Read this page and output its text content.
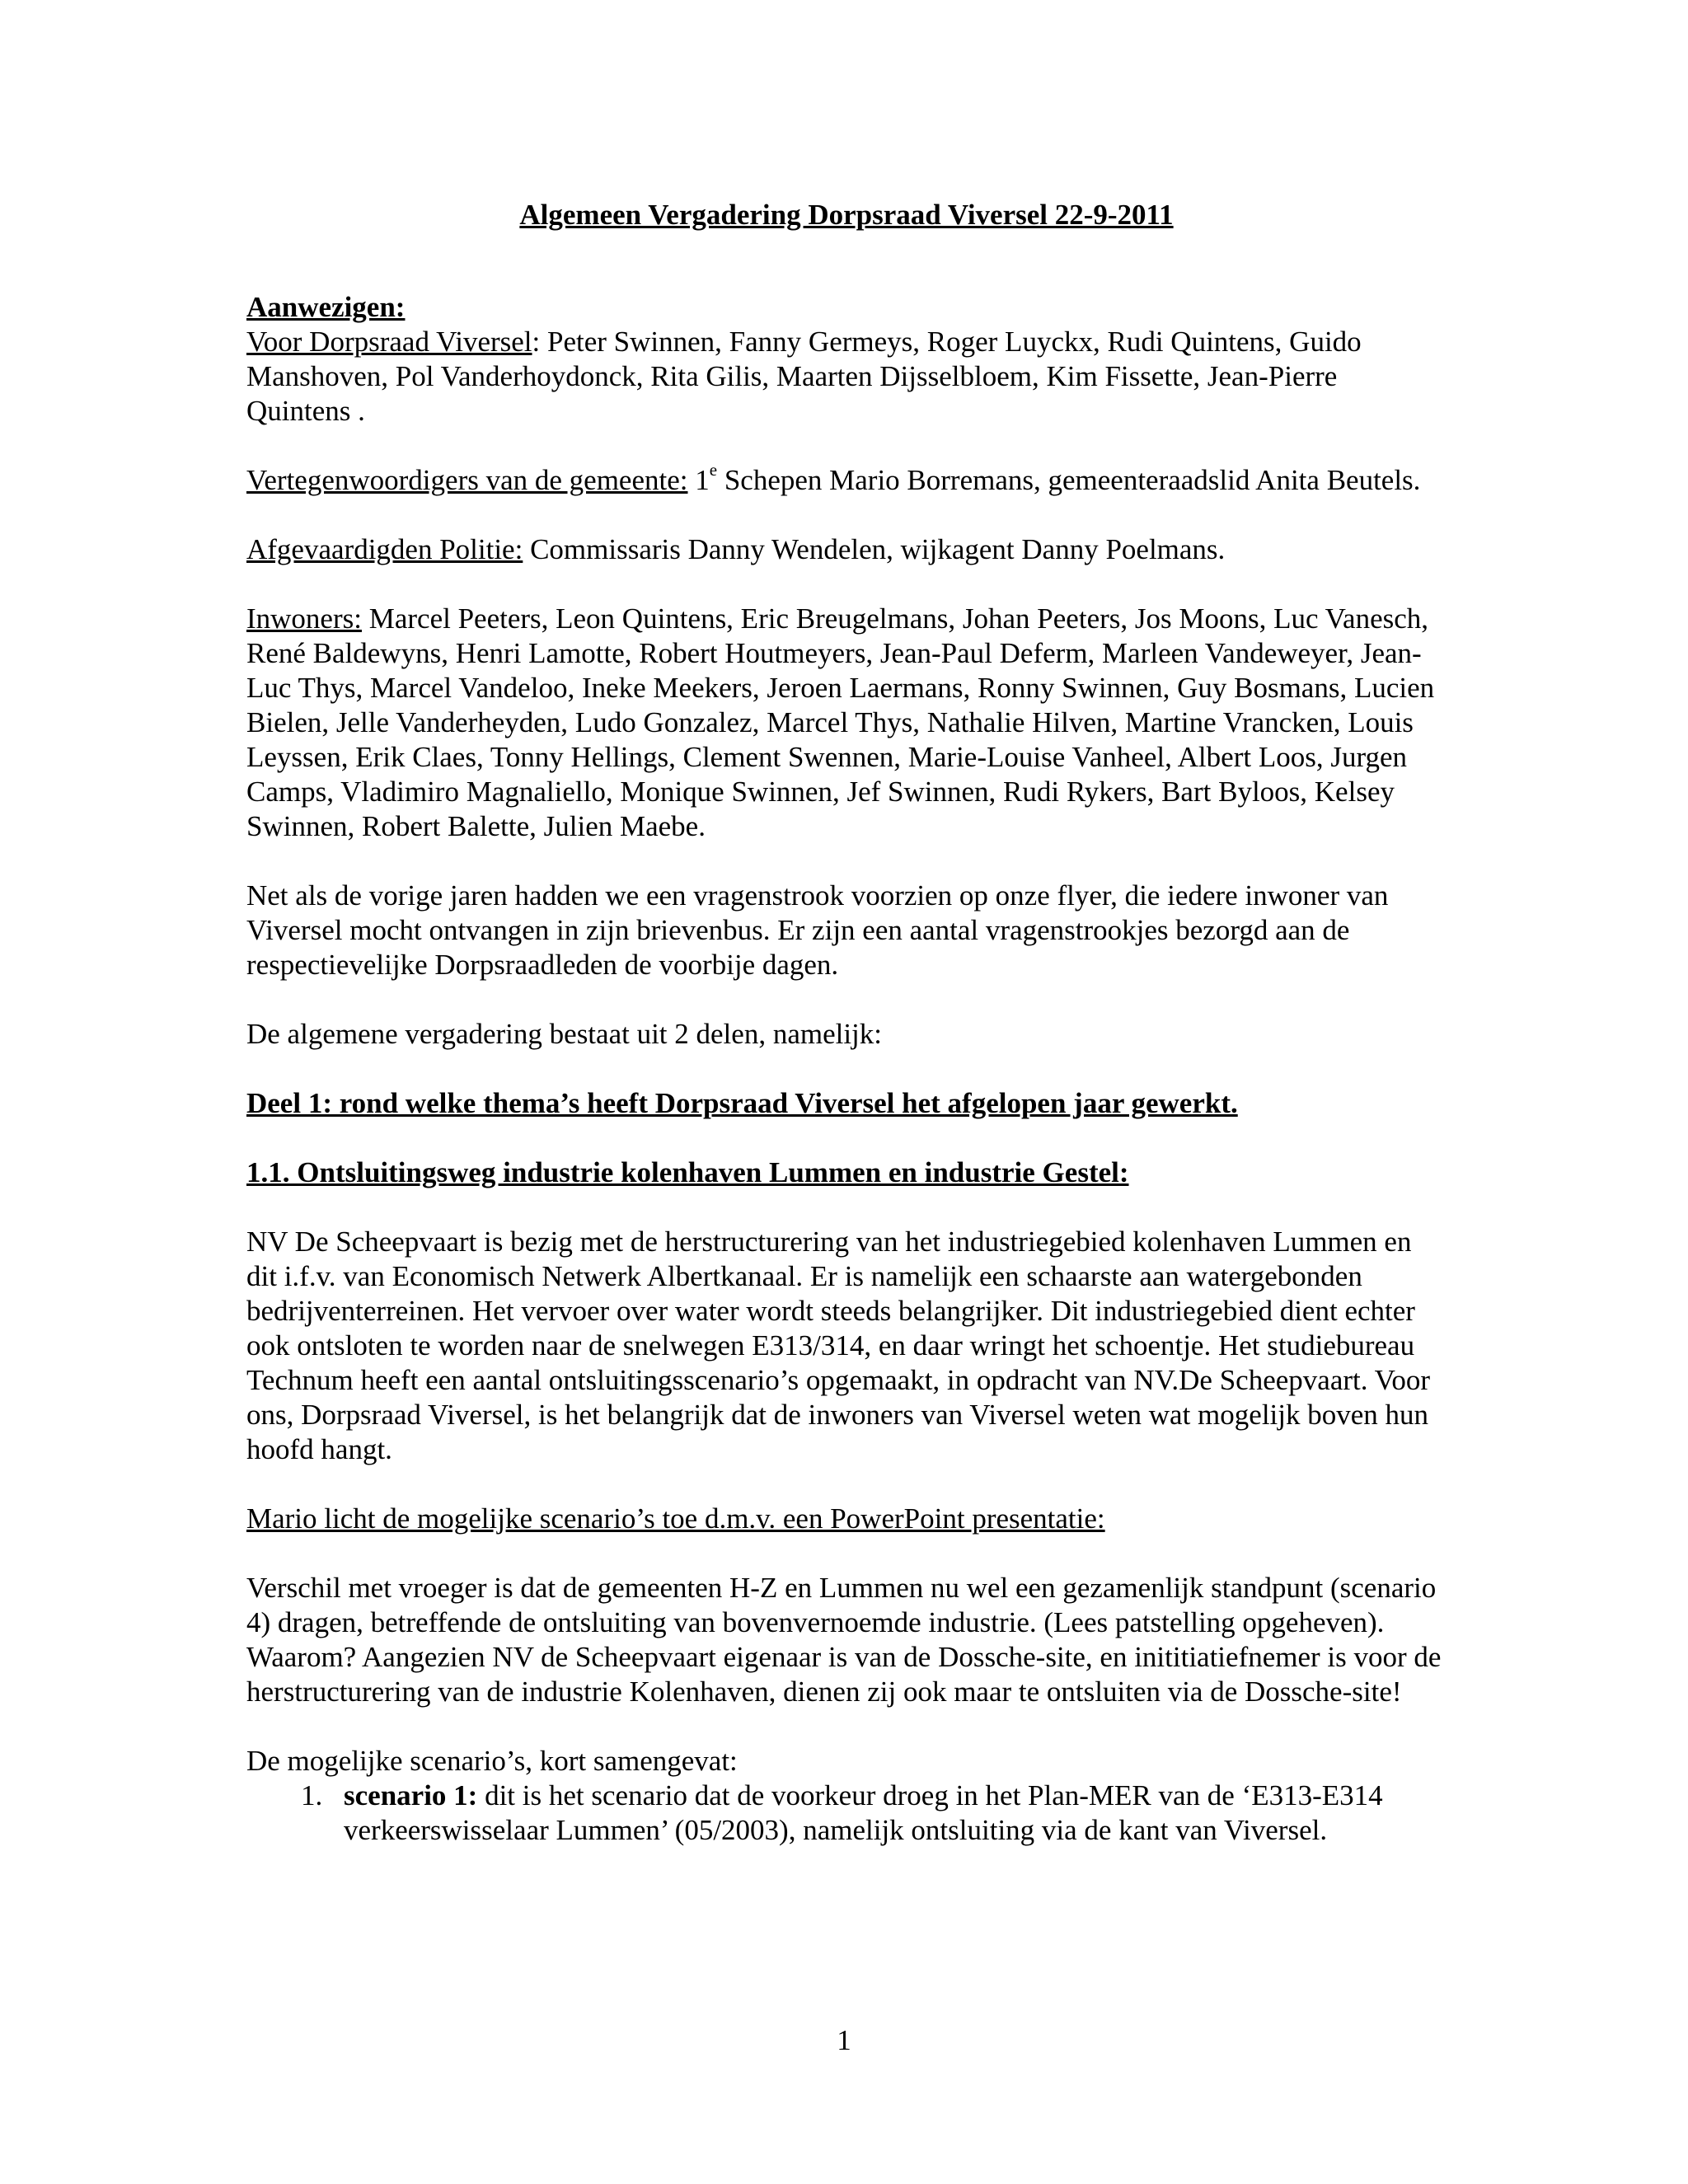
Algemeen Vergadering Dorpsraad Viversel 22-9-2011

Aanwezigen:
Voor Dorpsraad Viversel: Peter Swinnen, Fanny Germeys, Roger Luyckx, Rudi Quintens, Guido Manshoven, Pol Vanderhoydonck, Rita Gilis, Maarten Dijsselbloem, Kim Fissette, Jean-Pierre Quintens .

Vertegenwoordigers van de gemeente: 1e Schepen Mario Borremans, gemeenteraadslid Anita Beutels.

Afgevaardigden Politie: Commissaris Danny Wendelen, wijkagent Danny Poelmans.

Inwoners: Marcel Peeters, Leon Quintens, Eric Breugelmans, Johan Peeters, Jos Moons, Luc Vanesch, René Baldewyns, Henri Lamotte, Robert Houtmeyers, Jean-Paul Deferm, Marleen Vandeweyer, Jean-Luc Thys, Marcel Vandeloo, Ineke Meekers, Jeroen Laermans, Ronny Swinnen, Guy Bosmans, Lucien Bielen, Jelle Vanderheyden, Ludo Gonzalez, Marcel Thys, Nathalie Hilven, Martine Vrancken, Louis Leyssen, Erik Claes, Tonny Hellings, Clement Swennen, Marie-Louise Vanheel, Albert Loos, Jurgen Camps, Vladimiro Magnaliello, Monique Swinnen, Jef Swinnen, Rudi Rykers, Bart Byloos, Kelsey Swinnen, Robert Balette, Julien Maebe.

Net als de vorige jaren hadden we een vragenstrook voorzien op onze flyer, die iedere inwoner van Viversel mocht ontvangen in zijn brievenbus. Er zijn een aantal vragenstrookjes bezorgd aan de respectievelijke Dorpsraadleden de voorbije dagen.

De algemene vergadering bestaat uit 2 delen, namelijk:

Deel 1: rond welke thema’s heeft Dorpsraad Viversel het afgelopen jaar gewerkt.

1.1. Ontsluitingsweg industrie kolenhaven Lummen en industrie Gestel:

NV De Scheepvaart is bezig met de herstructurering van het industriegebied kolenhaven Lummen en dit i.f.v. van Economisch Netwerk Albertkanaal. Er is namelijk een schaarste aan watergebonden bedrijventerreinen. Het vervoer over water wordt steeds belangrijker. Dit industriegebied dient echter ook ontsloten te worden naar de snelwegen E313/314, en daar wringt het schoentje. Het studiebureau Technum heeft een aantal ontsluitingsscenario’s opgemaakt, in opdracht van NV.De Scheepvaart. Voor ons, Dorpsraad Viversel, is het belangrijk dat de inwoners van Viversel weten wat mogelijk boven hun hoofd hangt.

Mario licht de mogelijke scenario’s toe d.m.v. een PowerPoint presentatie:

Verschil met vroeger is dat de gemeenten H-Z en Lummen nu wel een gezamenlijk standpunt (scenario 4) dragen, betreffende de ontsluiting van bovenvernoemde industrie. (Lees patstelling opgeheven). Waarom? Aangezien NV de Scheepvaart eigenaar is van de Dossche-site, en inititiatiefnemer is voor de herstructurering van de industrie Kolenhaven, dienen zij ook maar te ontsluiten via de Dossche-site!

De mogelijke scenario’s, kort samengevat:

1. scenario 1: dit is het scenario dat de voorkeur droeg in het Plan-MER van de ‘E313-E314 verkeerswisselaar Lummen’ (05/2003), namelijk ontsluiting via de kant van Viversel.
1
